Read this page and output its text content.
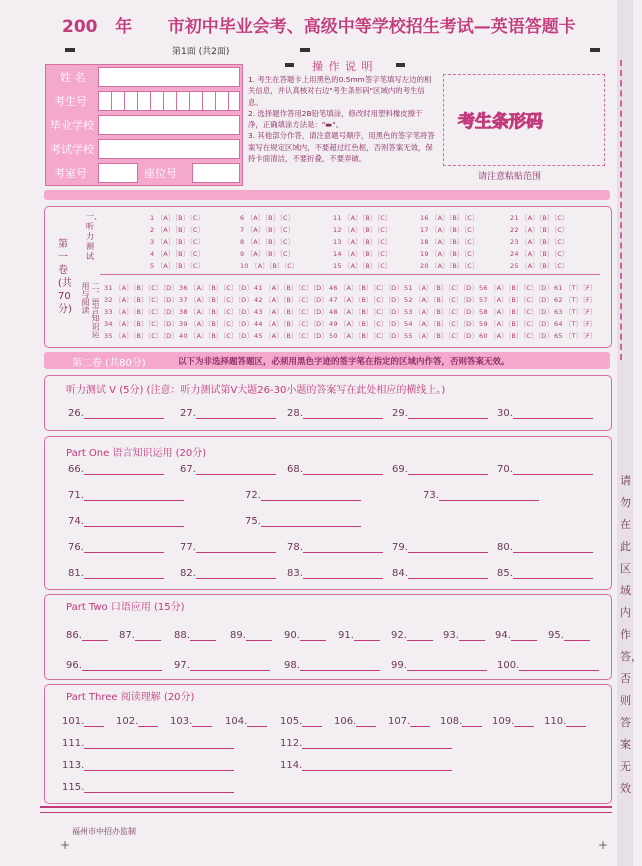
请勿在此区域内作答，否则答案无效
200   年      市初中毕业会考、高级中等学校招生考试—英语答题卡
第1面 (共2面)
姓 名
考生号
毕业学校
考试学校
考室号	座位号
操 作 说 明
1. 考生在答题卡上用黑色的0.5mm签字笔填写左边的相关信息，并认真核对右边"考生条形码"区域内的考生信息。
2. 选择题作答用2B铅笔填涂，修改时用塑料橡皮擦干净，正确填涂方法是："▬"。
3. 其他部分作答，请注意题号顺序，用黑色的签字笔将答案写在规定区域内，不要超过红色框，否则答案无效，保持卡面清洁，不要折叠，不要弄破。
考生条形码
请注意粘贴范围
第一卷 (共70分)
一、听力测试
二、语言知识运用与阅读
1 〔A〕〔B〕〔C〕
2 〔A〕〔B〕〔C〕
3 〔A〕〔B〕〔C〕
4 〔A〕〔B〕〔C〕
5 〔A〕〔B〕〔C〕
6 〔A〕〔B〕〔C〕
7 〔A〕〔B〕〔C〕
8 〔A〕〔B〕〔C〕
9 〔A〕〔B〕〔C〕
10 〔A〕〔B〕〔C〕
11 〔A〕〔B〕〔C〕
12 〔A〕〔B〕〔C〕
13 〔A〕〔B〕〔C〕
14 〔A〕〔B〕〔C〕
15 〔A〕〔B〕〔C〕
16 〔A〕〔B〕〔C〕
17 〔A〕〔B〕〔C〕
18 〔A〕〔B〕〔C〕
19 〔A〕〔B〕〔C〕
20 〔A〕〔B〕〔C〕
21 〔A〕〔B〕〔C〕
22 〔A〕〔B〕〔C〕
23 〔A〕〔B〕〔C〕
24 〔A〕〔B〕〔C〕
25 〔A〕〔B〕〔C〕
31 〔A〕〔B〕〔C〕〔D〕
32 〔A〕〔B〕〔C〕〔D〕
33 〔A〕〔B〕〔C〕〔D〕
34 〔A〕〔B〕〔C〕〔D〕
35 〔A〕〔B〕〔C〕〔D〕
36 〔A〕〔B〕〔C〕〔D〕
37 〔A〕〔B〕〔C〕〔D〕
38 〔A〕〔B〕〔C〕〔D〕
39 〔A〕〔B〕〔C〕〔D〕
40 〔A〕〔B〕〔C〕〔D〕
41 〔A〕〔B〕〔C〕〔D〕
42 〔A〕〔B〕〔C〕〔D〕
43 〔A〕〔B〕〔C〕〔D〕
44 〔A〕〔B〕〔C〕〔D〕
45 〔A〕〔B〕〔C〕〔D〕
46 〔A〕〔B〕〔C〕〔D〕
47 〔A〕〔B〕〔C〕〔D〕
48 〔A〕〔B〕〔C〕〔D〕
49 〔A〕〔B〕〔C〕〔D〕
50 〔A〕〔B〕〔C〕〔D〕
51 〔A〕〔B〕〔C〕〔D〕
52 〔A〕〔B〕〔C〕〔D〕
53 〔A〕〔B〕〔C〕〔D〕
54 〔A〕〔B〕〔C〕〔D〕
55 〔A〕〔B〕〔C〕〔D〕
56 〔A〕〔B〕〔C〕〔D〕
57 〔A〕〔B〕〔C〕〔D〕
58 〔A〕〔B〕〔C〕〔D〕
59 〔A〕〔B〕〔C〕〔D〕
60 〔A〕〔B〕〔C〕〔D〕
61 〔T〕〔F〕
62 〔T〕〔F〕
63 〔T〕〔F〕
64 〔T〕〔F〕
65 〔T〕〔F〕
第二卷 (共80分)	以下为非选择题答题区，必须用黑色字迹的签字笔在指定的区域内作答，否则答案无效。
听力测试 V (5分) (注意：听力测试第V大题26-30小题的答案写在此处相应的横线上。)
Part One 语言知识运用 (20分)
Part Two 口语应用 (15分)
Part Three 阅读理解 (20分)
26.	27.	28.	29.	30.
66.	67.	68.	69.	70.
71.	72.	73.
74.	75.
76.	77.	78.	79.	80.
81.	82.	83.	84.	85.
86.	87.	88.	89.	90.	91.	92.	93.	94.	95.
96.	97.	98.	99.	100.
101.	102.	103.	104.	105.	106.	107.	108.	109.	110.
111.	112.
113.	114.
115.
福州市中招办监制
+	+
